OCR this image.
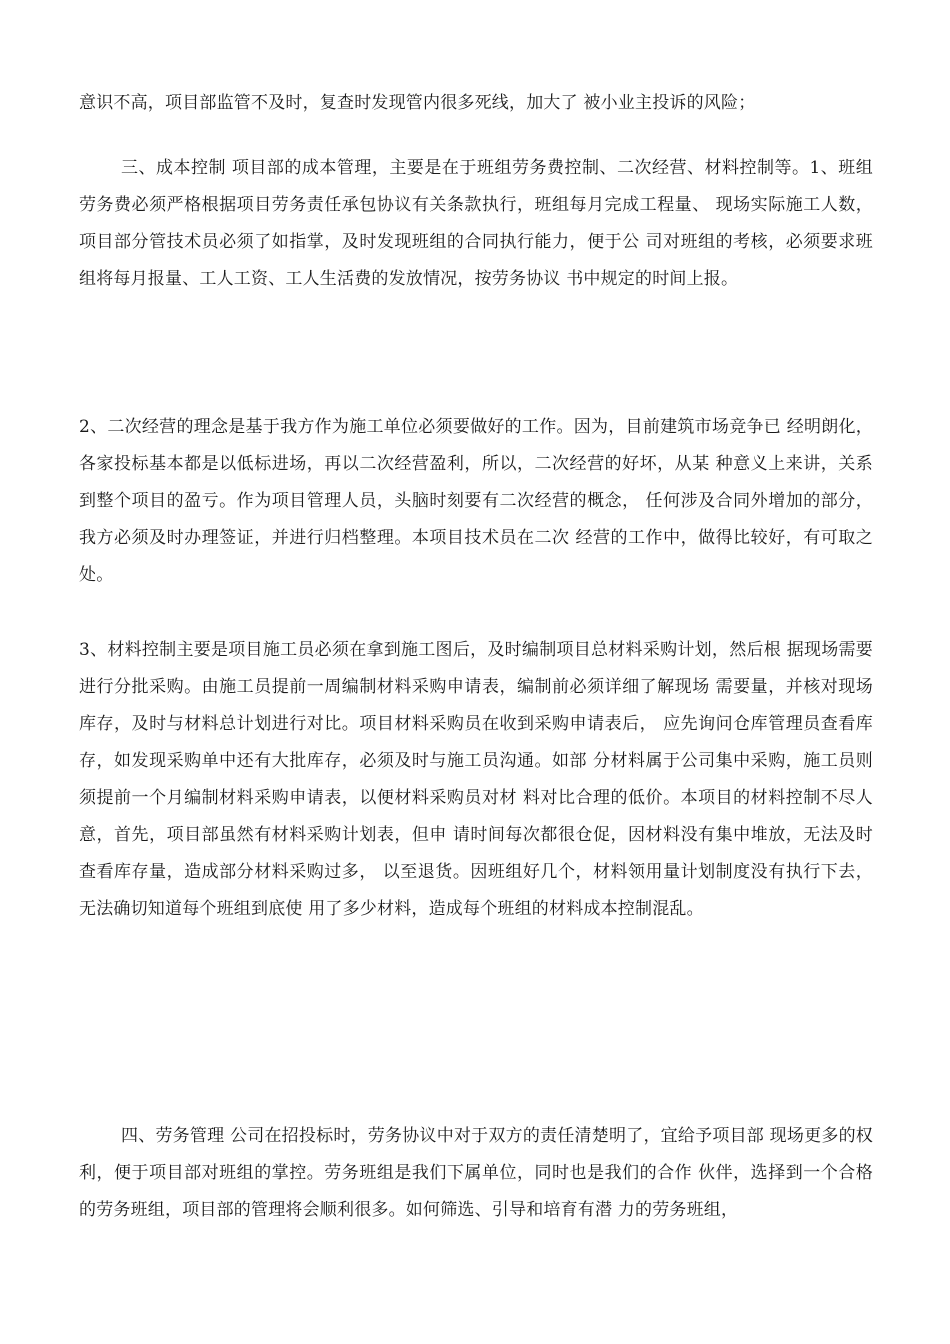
意识不高，项目部监管不及时，复查时发现管内很多死线，加大了 被小业主投诉的风险；

三、成本控制 项目部的成本管理，主要是在于班组劳务费控制、二次经营、材料控制等。1、班组劳务费必须严格根据项目劳务责任承包协议有关条款执行，班组每月完成工程量、 现场实际施工人数，项目部分管技术员必须了如指掌，及时发现班组的合同执行能力，便于公 司对班组的考核，必须要求班组将每月报量、工人工资、工人生活费的发放情况，按劳务协议 书中规定的时间上报。

2、二次经营的理念是基于我方作为施工单位必须要做好的工作。因为，目前建筑市场竞争已 经明朗化，各家投标基本都是以低标进场，再以二次经营盈利，所以，二次经营的好坏，从某 种意义上来讲，关系到整个项目的盈亏。作为项目管理人员，头脑时刻要有二次经营的概念， 任何涉及合同外增加的部分，我方必须及时办理签证，并进行归档整理。本项目技术员在二次 经营的工作中，做得比较好，有可取之处。

3、材料控制主要是项目施工员必须在拿到施工图后，及时编制项目总材料采购计划，然后根 据现场需要进行分批采购。由施工员提前一周编制材料采购申请表，编制前必须详细了解现场 需要量，并核对现场库存，及时与材料总计划进行对比。项目材料采购员在收到采购申请表后， 应先询问仓库管理员查看库存，如发现采购单中还有大批库存，必须及时与施工员沟通。如部 分材料属于公司集中采购，施工员则须提前一个月编制材料采购申请表，以便材料采购员对材 料对比合理的低价。本项目的材料控制不尽人意，首先，项目部虽然有材料采购计划表，但申 请时间每次都很仓促，因材料没有集中堆放，无法及时查看库存量，造成部分材料采购过多， 以至退货。因班组好几个，材料领用量计划制度没有执行下去，无法确切知道每个班组到底使 用了多少材料，造成每个班组的材料成本控制混乱。

四、劳务管理 公司在招投标时，劳务协议中对于双方的责任清楚明了，宜给予项目部 现场更多的权利，便于项目部对班组的掌控。劳务班组是我们下属单位，同时也是我们的合作 伙伴，选择到一个合格的劳务班组，项目部的管理将会顺利很多。如何筛选、引导和培育有潜 力的劳务班组，
